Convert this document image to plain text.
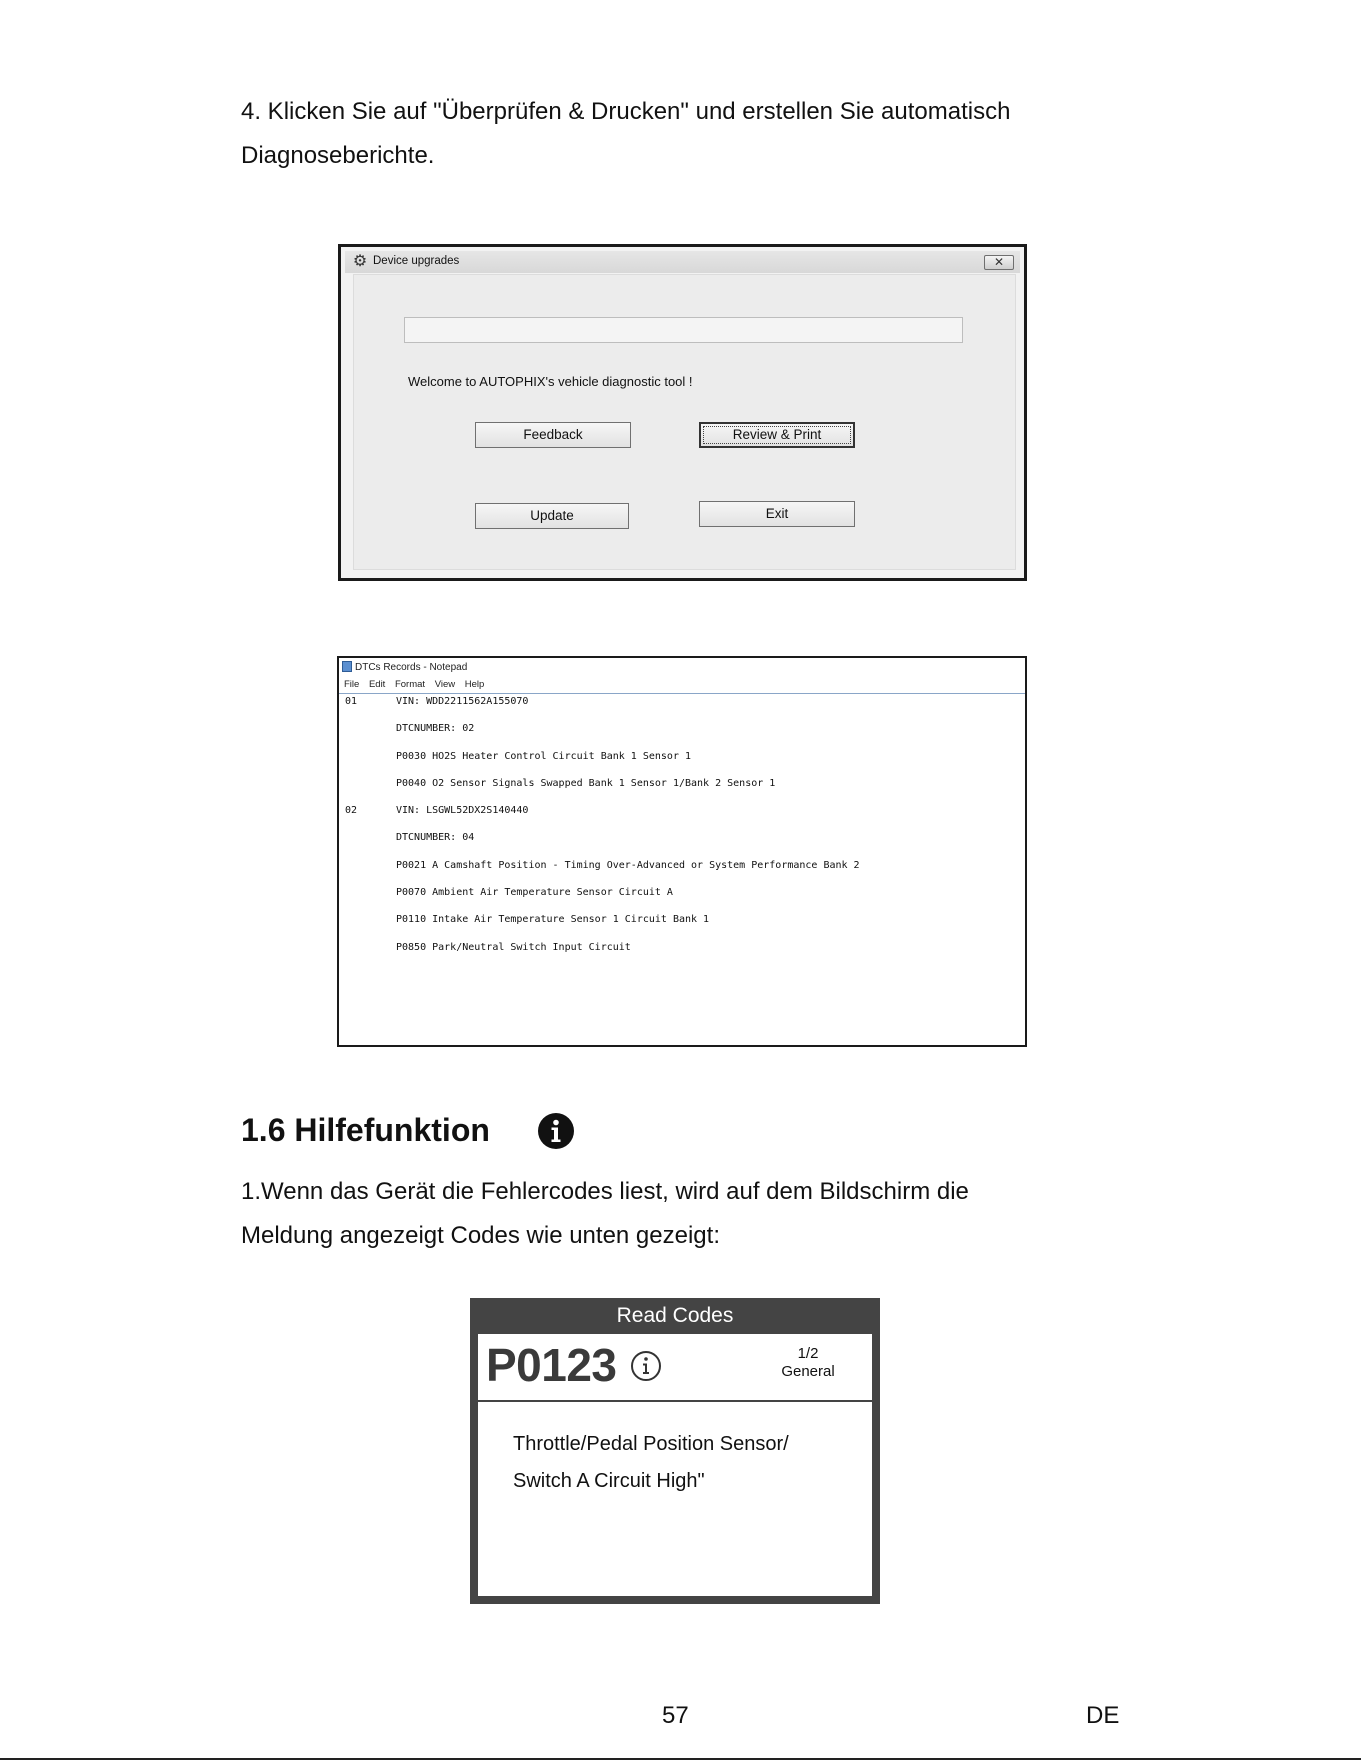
4. Klicken Sie auf "Überprüfen & Drucken" und erstellen Sie automatisch
Diagnoseberichte.

⚙ Device upgrades	✕
Welcome to AUTOPHIX's vehicle diagnostic tool !
Feedback	Review & Print
Update	Exit
DTCs Records - Notepad
File Edit Format View Help
01	VIN: WDD2211562A155070
DTCNUMBER: 02
P0030 HO2S Heater Control Circuit Bank 1 Sensor 1
P0040 O2 Sensor Signals Swapped Bank 1 Sensor 1/Bank 2 Sensor 1
02	VIN: LSGWL52DX2S140440
DTCNUMBER: 04
P0021 A Camshaft Position - Timing Over-Advanced or System Performance Bank 2
P0070 Ambient Air Temperature Sensor Circuit A
P0110 Intake Air Temperature Sensor 1 Circuit Bank 1
P0850 Park/Neutral Switch Input Circuit
1.6 Hilfefunktion

1.Wenn das Gerät die Fehlercodes liest, wird auf dem Bildschirm die
Meldung angezeigt Codes wie unten gezeigt:

Read Codes
P0123	1/2
General
Throttle/Pedal Position Sensor/
Switch A Circuit High"
57	DE
